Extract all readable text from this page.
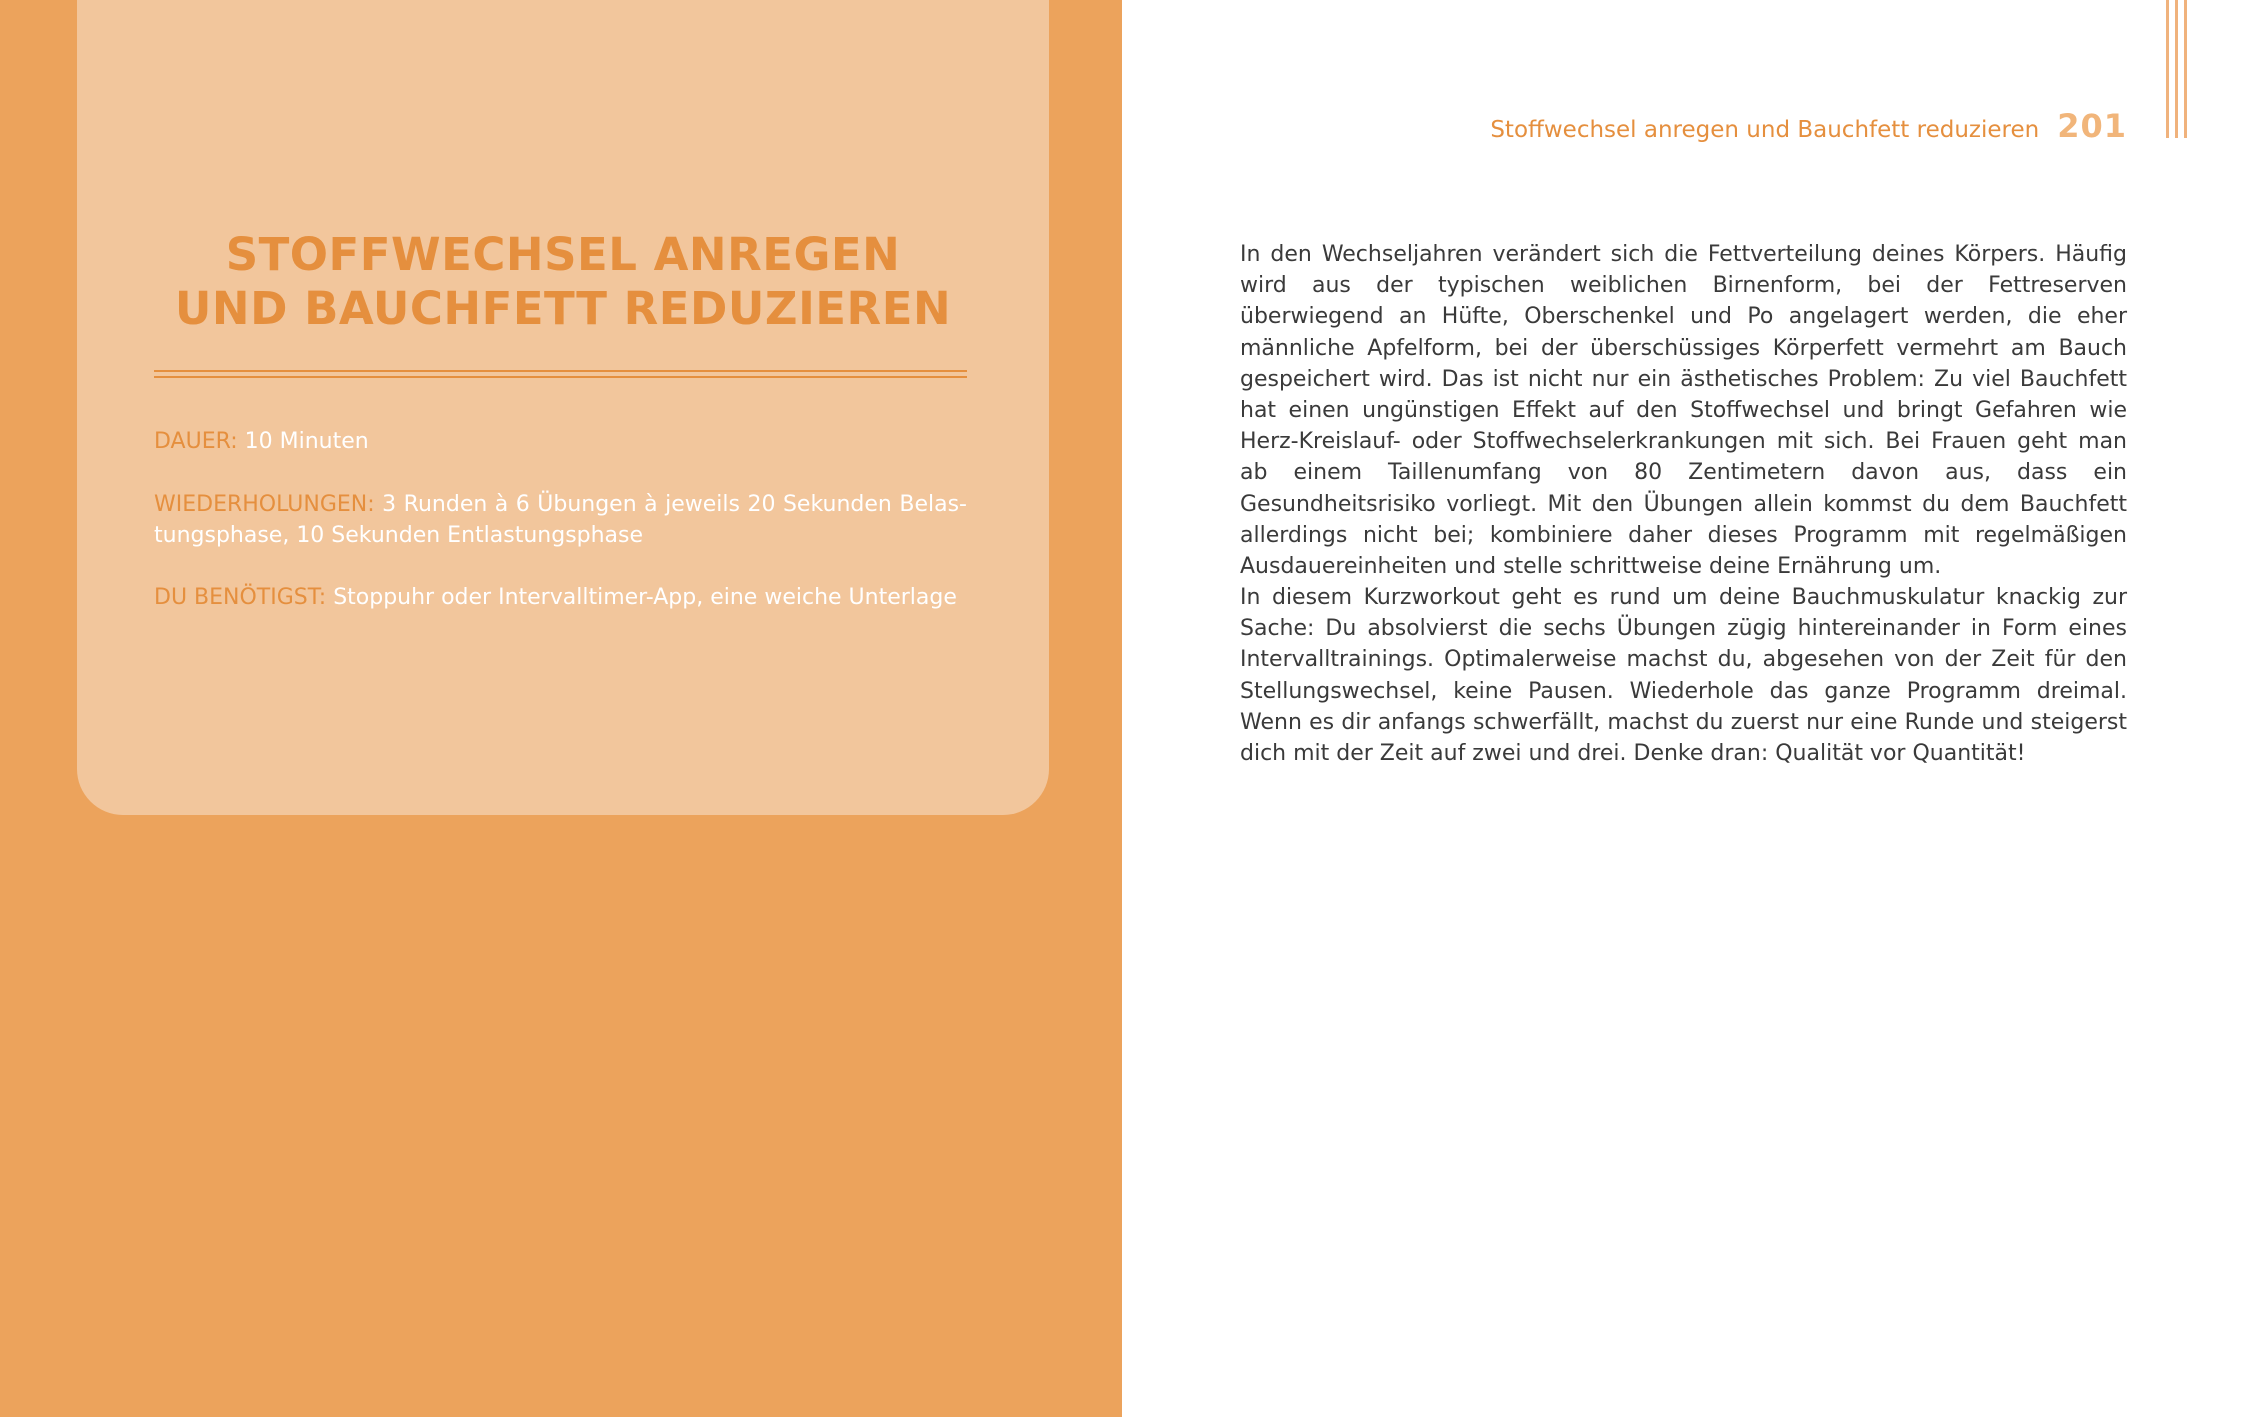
STOFFWECHSEL ANREGEN
UND BAUCHFETT REDUZIEREN

DAUER: 10 Minuten

WIEDERHOLUNGEN: 3 Runden à 6 Übungen à jeweils 20 Sekunden Belastungsphase, 10 Sekunden Entlastungsphase

DU BENÖTIGST: Stoppuhr oder Intervalltimer-App, eine weiche Unterlage

Stoffwechsel anregen und Bauchfett reduzieren 201

In den Wechseljahren verändert sich die Fettverteilung deines Körpers. Häufig wird aus der typischen weiblichen Birnenform, bei der Fettreserven überwiegend an Hüfte, Oberschenkel und Po angelagert werden, die eher männliche Apfelform, bei der überschüssiges Körperfett vermehrt am Bauch gespeichert wird. Das ist nicht nur ein ästhetisches Problem: Zu viel Bauchfett hat einen ungünstigen Effekt auf den Stoffwechsel und bringt Gefahren wie Herz-Kreislauf- oder Stoffwechselerkrankungen mit sich. Bei Frauen geht man ab einem Taillenumfang von 80 Zentimetern davon aus, dass ein Gesundheitsrisiko vorliegt. Mit den Übungen allein kommst du dem Bauchfett allerdings nicht bei; kombiniere daher dieses Programm mit regelmäßigen Ausdauereinheiten und stelle schrittweise deine Ernährung um.

In diesem Kurzworkout geht es rund um deine Bauchmuskulatur knackig zur Sache: Du absolvierst die sechs Übungen zügig hintereinander in Form eines Intervalltrainings. Optimalerweise machst du, abgesehen von der Zeit für den Stellungswechsel, keine Pausen. Wiederhole das ganze Programm dreimal. Wenn es dir anfangs schwerfällt, machst du zuerst nur eine Runde und steigerst dich mit der Zeit auf zwei und drei. Denke dran: Qualität vor Quantität!
